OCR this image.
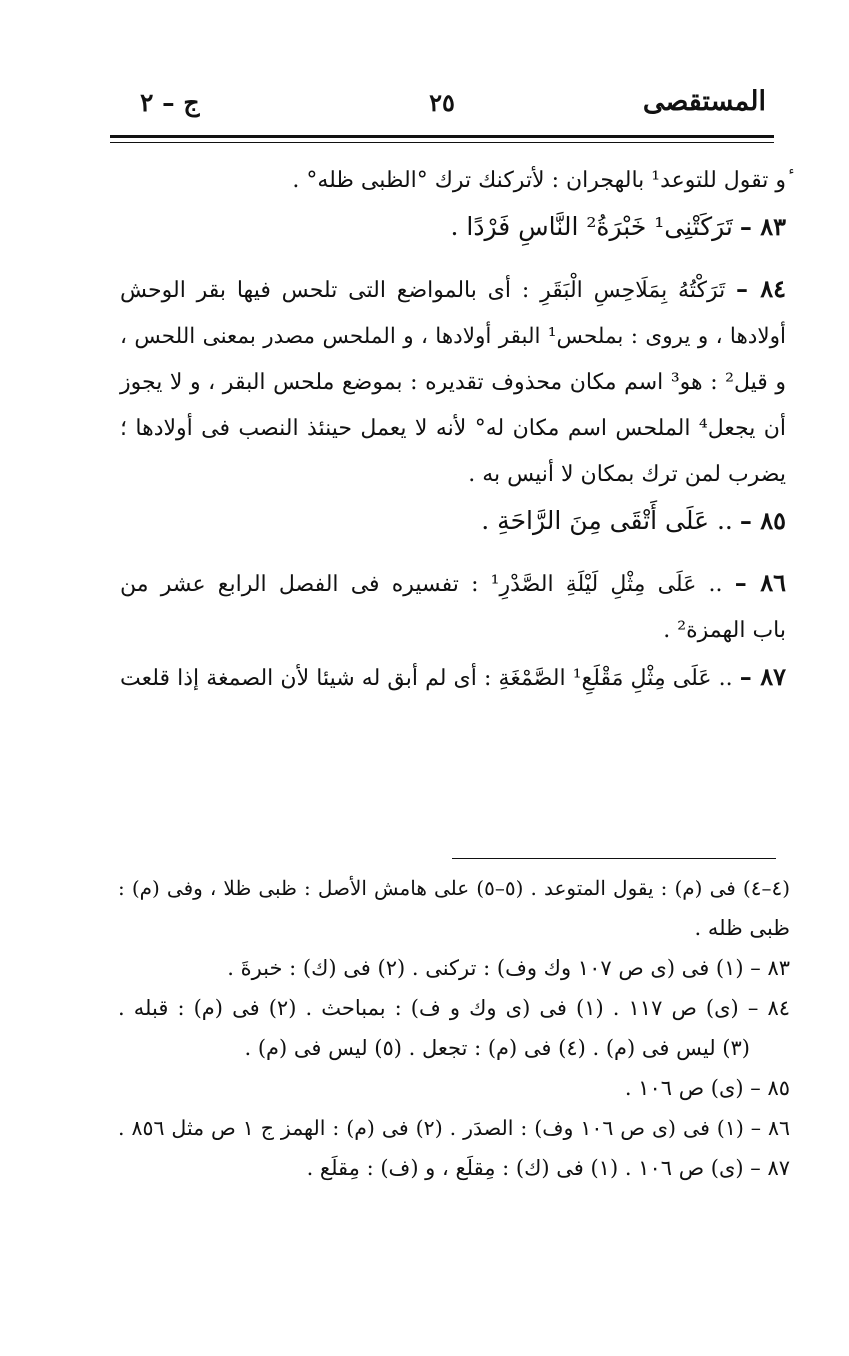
المستقصى
٢٥
ج – ٢
ٔو تقول للتوعد¹ بالهجران : لأتركنك ترك °الظبى ظله° .
٨٣ – تَرَكَتْنِى¹ خَبْرَةُ² النَّاسِ فَرْدًا .
٨٤ – تَرَكْتُهُ بِمَلَاحِسِ الْبَقَرِ : أى بالمواضع التى تلحس فيها بقر الوحش
أولادها ، و يروى : بملحس¹ البقر أولادها ، و الملحس مصدر بمعنى اللحس ،
و قيل² : هو³ اسم مكان محذوف تقديره : بموضع ملحس البقر ، و لا يجوز
أن يجعل⁴ الملحس اسم مكان له° لأنه لا يعمل حينئذ النصب فى أولادها ؛
يضرب لمن ترك بمكان لا أنيس به .
٨٥ – .. عَلَى أَتْقَى مِنَ الرَّاحَةِ .
٨٦ – .. عَلَى مِثْلِ لَيْلَةِ الصَّدْرِ¹ : تفسيره فى الفصل الرابع عشر من
باب الهمزة² .
٨٧ – .. عَلَى مِثْلِ مَقْلَعِ¹ الصَّمْغَةِ : أى لم أبق له شيئا لأن الصمغة إذا قلعت
(٤–٤) فى (م) : يقول المتوعد . (٥–٥) على هامش الأصل : ظبى ظلا ، وفى (م) :
ظبى ظله .
٨٣ – (١) فى (ى ص ١٠٧ وك وف) : تركنى . (٢) فى (ك) : خبرةَ .
٨٤ – (ى) ص ١١٧ . (١) فى (ى وك و ف) : بمباحث . (٢) فى (م) : قبله .
(٣) ليس فى (م) . (٤) فى (م) : تجعل . (٥) ليس فى (م) .
٨٥ – (ى) ص ١٠٦ .
٨٦ – (١) فى (ى ص ١٠٦ وف) : الصدَر . (٢) فى (م) : الهمز ج ١ ص مثل ٨٥٦ .
٨٧ – (ى) ص ١٠٦ . (١) فى (ك) : مِقلَع ، و (ف) : مِقلَع .
